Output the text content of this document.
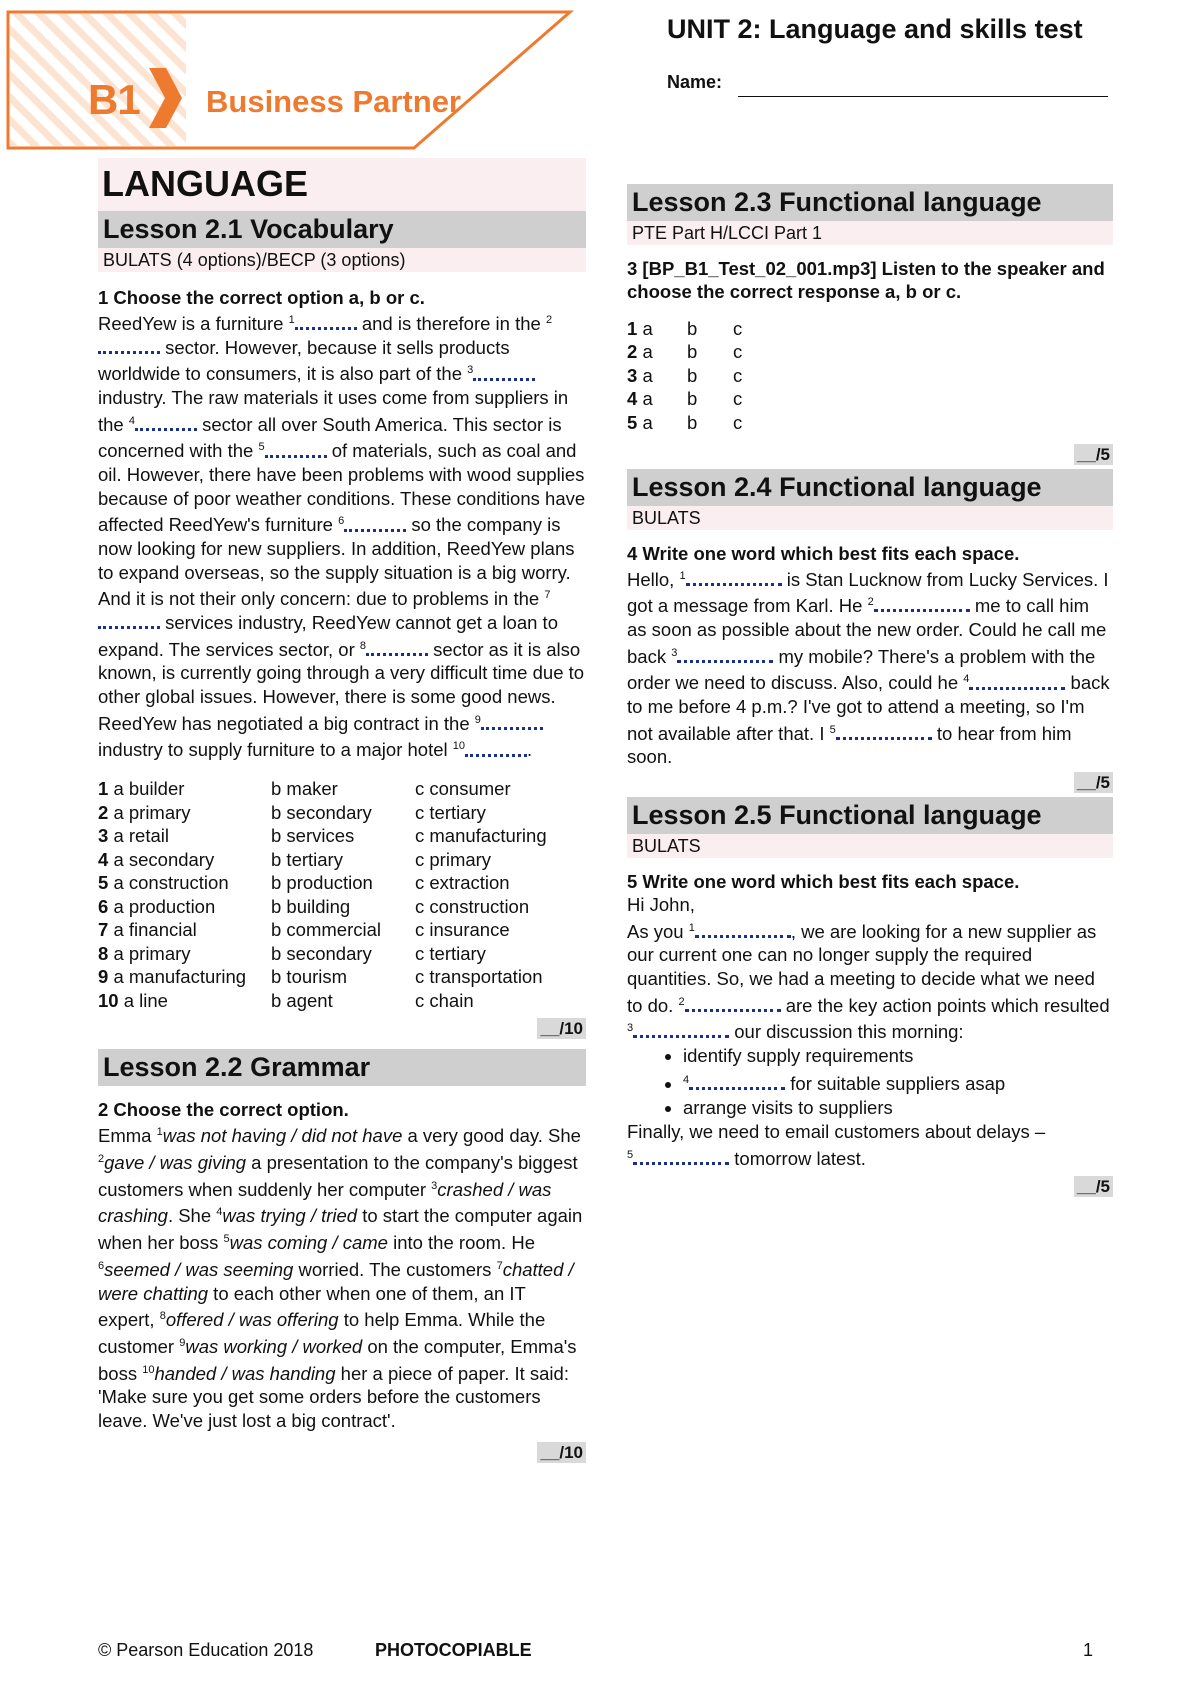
B1 Business Partner
UNIT 2: Language and skills test
Name:
LANGUAGE
Lesson 2.1 Vocabulary
BULATS (4 options)/BECP (3 options)
1 Choose the correct option a, b or c.

ReedYew is a furniture $^1$	and is therefore in the $^2$ sector. However, because it sells products worldwide to consumers, it is also part of the $^3$ industry. The raw materials it uses come from suppliers in the $^4$	sector all over South America. This sector is concerned with the $^5$	of materials, such as coal and oil. However, there have been problems with wood supplies because of poor weather conditions. These conditions have affected ReedYew's furniture $^6$	so the company is now looking for new suppliers. In addition, ReedYew plans to expand overseas, so the supply situation is a big worry. And it is not their only concern: due to problems in the $^7$ services industry, ReedYew cannot get a loan to expand. The services sector, or $^8$	sector as it is also known, is currently going through a very difficult time due to other global issues. However, there is some good news. ReedYew has negotiated a big contract in the $^9$ industry to supply furniture to a major hotel $^{10}$	.

1 a builder	b maker	c consumer
2 a primary	b secondary	c tertiary
3 a retail	b services	c manufacturing
4 a secondary	b tertiary	c primary
5 a construction	b production	c extraction
6 a production	b building	c construction
7 a financial	b commercial	c insurance
8 a primary	b secondary	c tertiary
9 a manufacturing	b tourism	c transportation
10 a line	b agent	c chain
__/10
Lesson 2.2 Grammar
2 Choose the correct option.

Emma $^1$was not having / did not have a very good day. She $^2$gave / was giving a presentation to the company's biggest customers when suddenly her computer $^3$crashed / was crashing. She $^4$was trying / tried to start the computer again when her boss $^5$was coming / came into the room. He $^6$seemed / was seeming worried. The customers $^7$chatted / were chatting to each other when one of them, an IT expert, $^8$offered / was offering to help Emma. While the customer $^9$was working / worked on the computer, Emma's boss $^{10}$handed / was handing her a piece of paper. It said: 'Make sure you get some orders before the customers leave. We've just lost a big contract'.

__/10
Lesson 2.3 Functional language
PTE Part H/LCCI Part 1
3 [BP_B1_Test_02_001.mp3] Listen to the speaker and choose the correct response a, b or c.
1 a	b	c
2 a	b	c
3 a	b	c
4 a	b	c
5 a	b	c
__/5
Lesson 2.4 Functional language
BULATS
4 Write one word which best fits each space.

Hello, $^1$	is Stan Lucknow from Lucky Services. I got a message from Karl. He $^2$	me to call him as soon as possible about the new order. Could he call me back $^3$	my mobile? There's a problem with the order we need to discuss. Also, could he $^4$	back to me before 4 p.m.? I've got to attend a meeting, so I'm not available after that. I $^5$	to hear from him soon.

__/5
Lesson 2.5 Functional language
BULATS
5 Write one word which best fits each space.

Hi John,

As you $^1$	, we are looking for a new supplier as our current one can no longer supply the required quantities. So, we had a meeting to decide what we need to do. $^2$	are the key action points which resulted $^3$	our discussion this morning:

• identify supply requirements
• $^4$	for suitable suppliers asap
• arrange visits to suppliers

Finally, we need to email customers about delays –
$^5$	tomorrow latest.

__/5
© Pearson Education 2018	PHOTOCOPIABLE	1
